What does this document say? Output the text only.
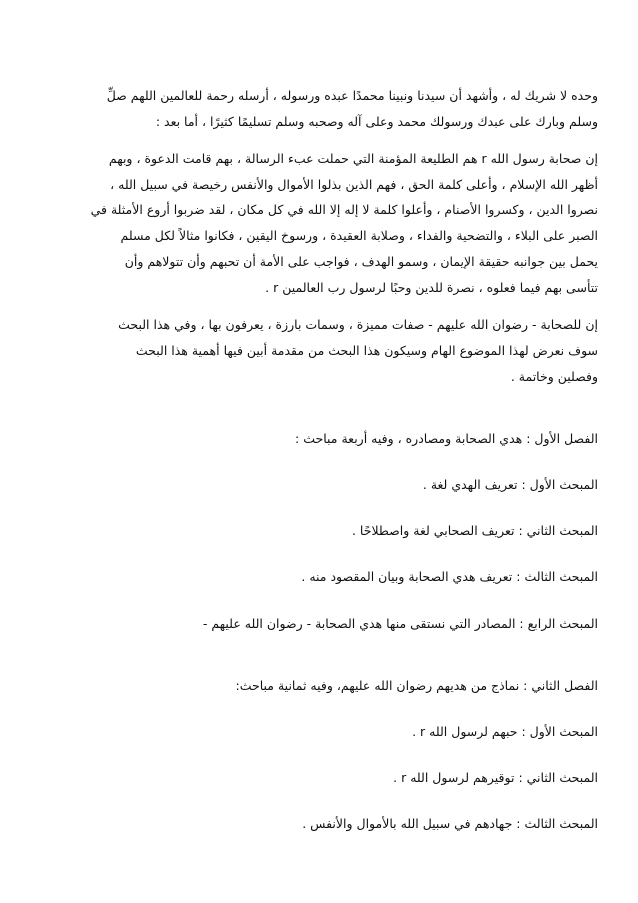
وحده لا شريك له ، وأشهد أن سيدنا ونبينا محمدًا عبده ورسوله ، أرسله رحمة للعالمين اللهم صلِّ
وسلم وبارك على عبدك ورسولك محمد وعلى آله وصحبه وسلم تسليمًا كثيرًا ، أما بعد :
إن صحابة رسول الله r هم الطليعة المؤمنة التي حملت عبء الرسالة ، بهم قامت الدعوة ، وبهم
أظهر الله الإسلام ، وأعلى كلمة الحق ، فهم الذين بذلوا الأموال والأنفس رخيصة في سبيل الله ،
نصروا الدين ، وكسروا الأصنام ، وأعلوا كلمة لا إله إلا الله في كل مكان ، لقد ضربوا أروع الأمثلة في
الصبر على البلاء ، والتضحية والفداء ، وصلابة العقيدة ، ورسوخ اليقين ، فكانوا مثالاً لكل مسلم
يحمل بين جوانبه حقيقة الإيمان ، وسمو الهدف ، فواجب على الأمة أن تحبهم وأن تتولاهم وأن
تتأسى بهم فيما فعلوه ، نصرة للدين وحبًا لرسول رب العالمين r .
إن للصحابة - رضوان الله عليهم - صفات مميزة ، وسمات بارزة ، يعرفون بها ، وفي هذا البحث
سوف نعرض لهذا الموضوع الهام وسيكون هذا البحث من مقدمة أبين فيها أهمية هذا البحث
وفصلين وخاتمة .
الفصل الأول : هدي الصحابة ومصادره ، وفيه أربعة مباحث :
المبحث الأول : تعريف الهدي لغة .
المبحث الثاني : تعريف الصحابي لغة واصطلاحًا .
المبحث الثالث : تعريف هدي الصحابة وبيان المقصود منه .
المبحث الرابع : المصادر التي نستقى منها هدي الصحابة - رضوان الله عليهم -
الفصل الثاني : نماذج من هديهم رضوان الله عليهم، وفيه ثمانية مباحث:
المبحث الأول : حبهم لرسول الله r .
المبحث الثاني : توقيرهم لرسول الله r .
المبحث الثالث : جهادهم في سبيل الله بالأموال والأنفس .
